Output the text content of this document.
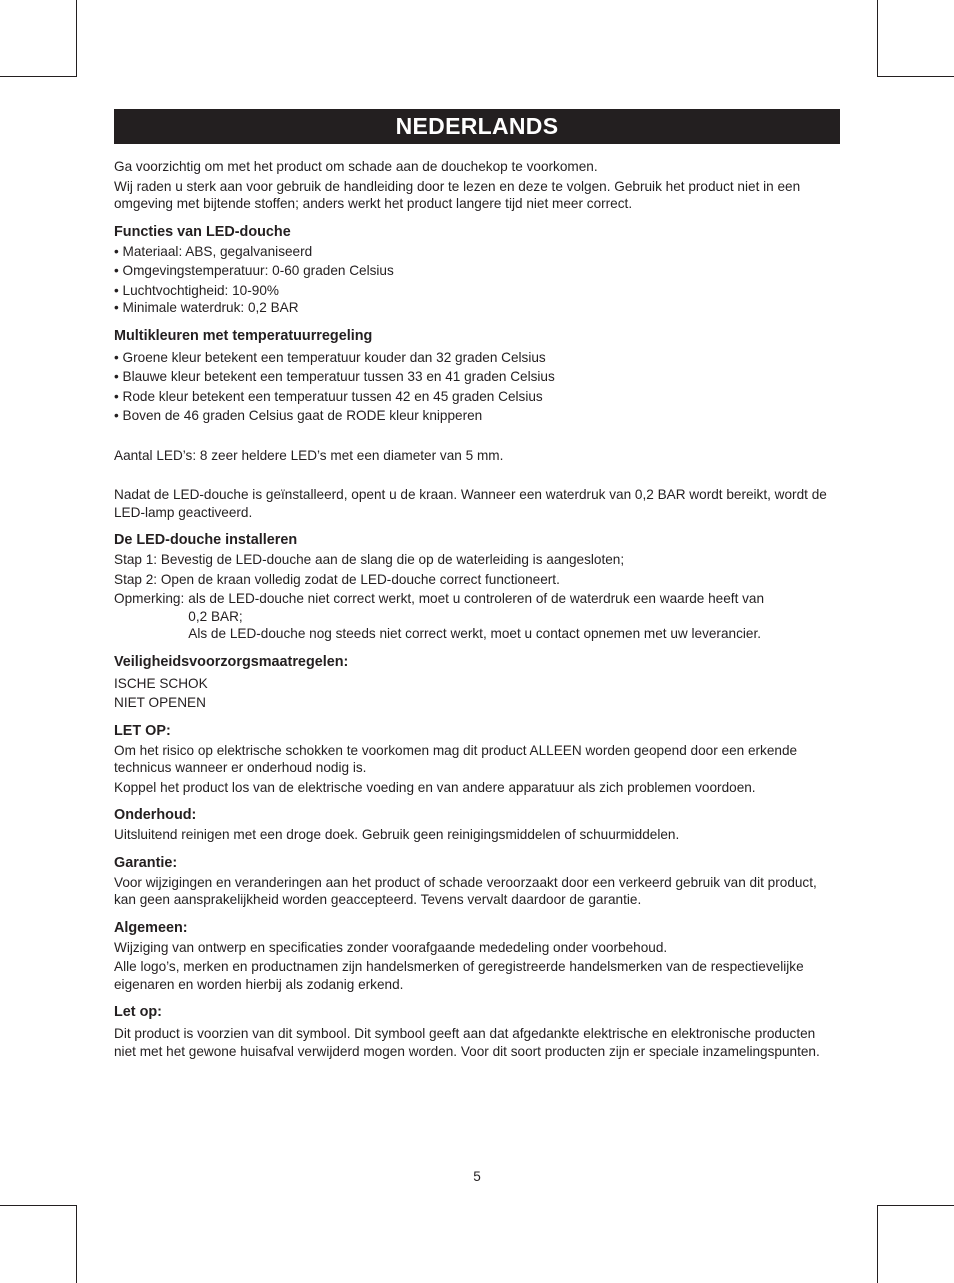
NEDERLANDS

Ga voorzichtig om met het product om schade aan de douchekop te voorkomen.

Wij raden u sterk aan voor gebruik de handleiding door te lezen en deze te volgen. Gebruik het product niet in een omgeving met bijtende stoffen; anders werkt het product langere tijd niet meer correct.

Functies van LED-douche

• Materiaal: ABS, gegalvaniseerd

• Omgevingstemperatuur: 0-60 graden Celsius

• Luchtvochtigheid: 10-90%

• Minimale waterdruk: 0,2 BAR

Multikleuren met temperatuurregeling

• Groene kleur betekent een temperatuur kouder dan 32 graden Celsius

• Blauwe kleur betekent een temperatuur tussen 33 en 41 graden Celsius

• Rode kleur betekent een temperatuur tussen 42 en 45 graden Celsius

• Boven de 46 graden Celsius gaat de RODE kleur knipperen

Aantal LED’s: 8 zeer heldere LED’s met een diameter van 5 mm.

Nadat de LED-douche is geïnstalleerd, opent u de kraan. Wanneer een waterdruk van 0,2 BAR wordt bereikt, wordt de LED-lamp geactiveerd.

De LED-douche installeren

Stap 1: Bevestig de LED-douche aan de slang die op de waterleiding is aangesloten;

Stap 2: Open de kraan volledig zodat de LED-douche correct functioneert.

Opmerking: als de LED-douche niet correct werkt, moet u controleren of de waterdruk een waarde heeft van
0,2 BAR;
Als de LED-douche nog steeds niet correct werkt, moet u contact opnemen met uw leverancier.

Veiligheidsvoorzorgsmaatregelen:

ISCHE SCHOK

NIET OPENEN

LET OP:

Om het risico op elektrische schokken te voorkomen mag dit product ALLEEN worden geopend door een erkende technicus wanneer er onderhoud nodig is.

Koppel het product los van de elektrische voeding en van andere apparatuur als zich problemen voordoen.

Onderhoud:

Uitsluitend reinigen met een droge doek. Gebruik geen reinigingsmiddelen of schuurmiddelen.

Garantie:

Voor wijzigingen en veranderingen aan het product of schade veroorzaakt door een verkeerd gebruik van dit product, kan geen aansprakelijkheid worden geaccepteerd. Tevens vervalt daardoor de garantie.

Algemeen:

Wijziging van ontwerp en specificaties zonder voorafgaande mededeling onder voorbehoud.

Alle logo’s, merken en productnamen zijn handelsmerken of geregistreerde handelsmerken van de respectievelijke eigenaren en worden hierbij als zodanig erkend.

Let op:

Dit product is voorzien van dit symbool. Dit symbool geeft aan dat afgedankte elektrische en elektronische producten niet met het gewone huisafval verwijderd mogen worden. Voor dit soort producten zijn er speciale inzamelingspunten.

5
